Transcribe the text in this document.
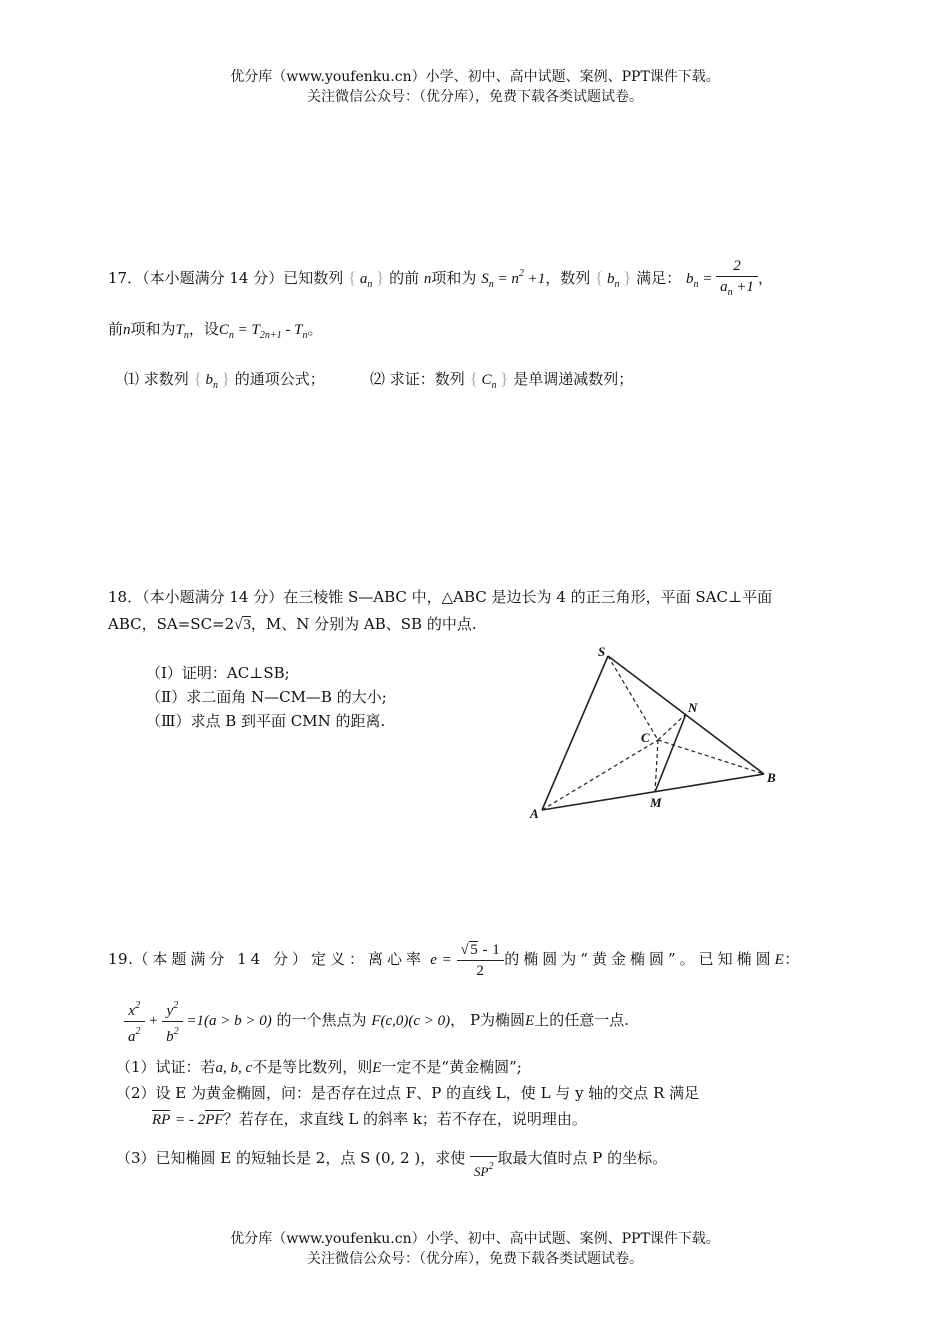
优分库（www.youfenku.cn）小学、初中、高中试题、案例、PPT课件下载。
关注微信公众号：（优分库），免费下载各类试题试卷。
17．（本小题满分 14 分）已知数列 { $a_n$ } 的前 n项和为 $S_n = n^2 +1$，数列 { $b_n$ } 满足： $b_n = \frac{2}{a_n +1}$ ，
前n项和为$T_n$，设$C_n = T_{2n+1} - T_n$。
⑴ 求数列 { $b_n$ } 的通项公式；	⑵ 求证：数列 { $C_n$ } 是单调递减数列；
18．（本小题满分 14 分）在三棱锥 S—ABC 中，△ABC 是边长为 4 的正三角形，平面 SAC⊥平面
ABC，SA=SC=2√3，M、N 分别为 AB、SB 的中点.
（Ⅰ）证明：AC⊥SB;
（Ⅱ）求二面角 N—CM—B 的大小;
（Ⅲ）求点 B 到平面 CMN 的距离.
S
N
C
B
M
A
19.（本题满分 14 分）定义：离心率 $e = \frac{√5 - 1}{2}$ 的椭圆为“黄金椭圆”。已知椭圆E：
$\frac{x^2}{a^2} + \frac{y^2}{b^2} =1(a > b > 0)$ 的一个焦点为 F(c,0)(c > 0)， P为椭圆E上的任意一点.
（1）试证：若a, b, c不是等比数列，则E一定不是“黄金椭圆”;
（2）设 E 为黄金椭圆，问：是否存在过点 F、P 的直线 L，使 L 与 y 轴的交点 R 满足
RP = - 2PF？若存在，求直线 L 的斜率 k；若不存在，说明理由。
（3）已知椭圆 E 的短轴长是 2，点 S (0, 2 )，求使

$SP^2$ 取最大值时点 P 的坐标。
优分库（www.youfenku.cn）小学、初中、高中试题、案例、PPT课件下载。
关注微信公众号：（优分库），免费下载各类试题试卷。
